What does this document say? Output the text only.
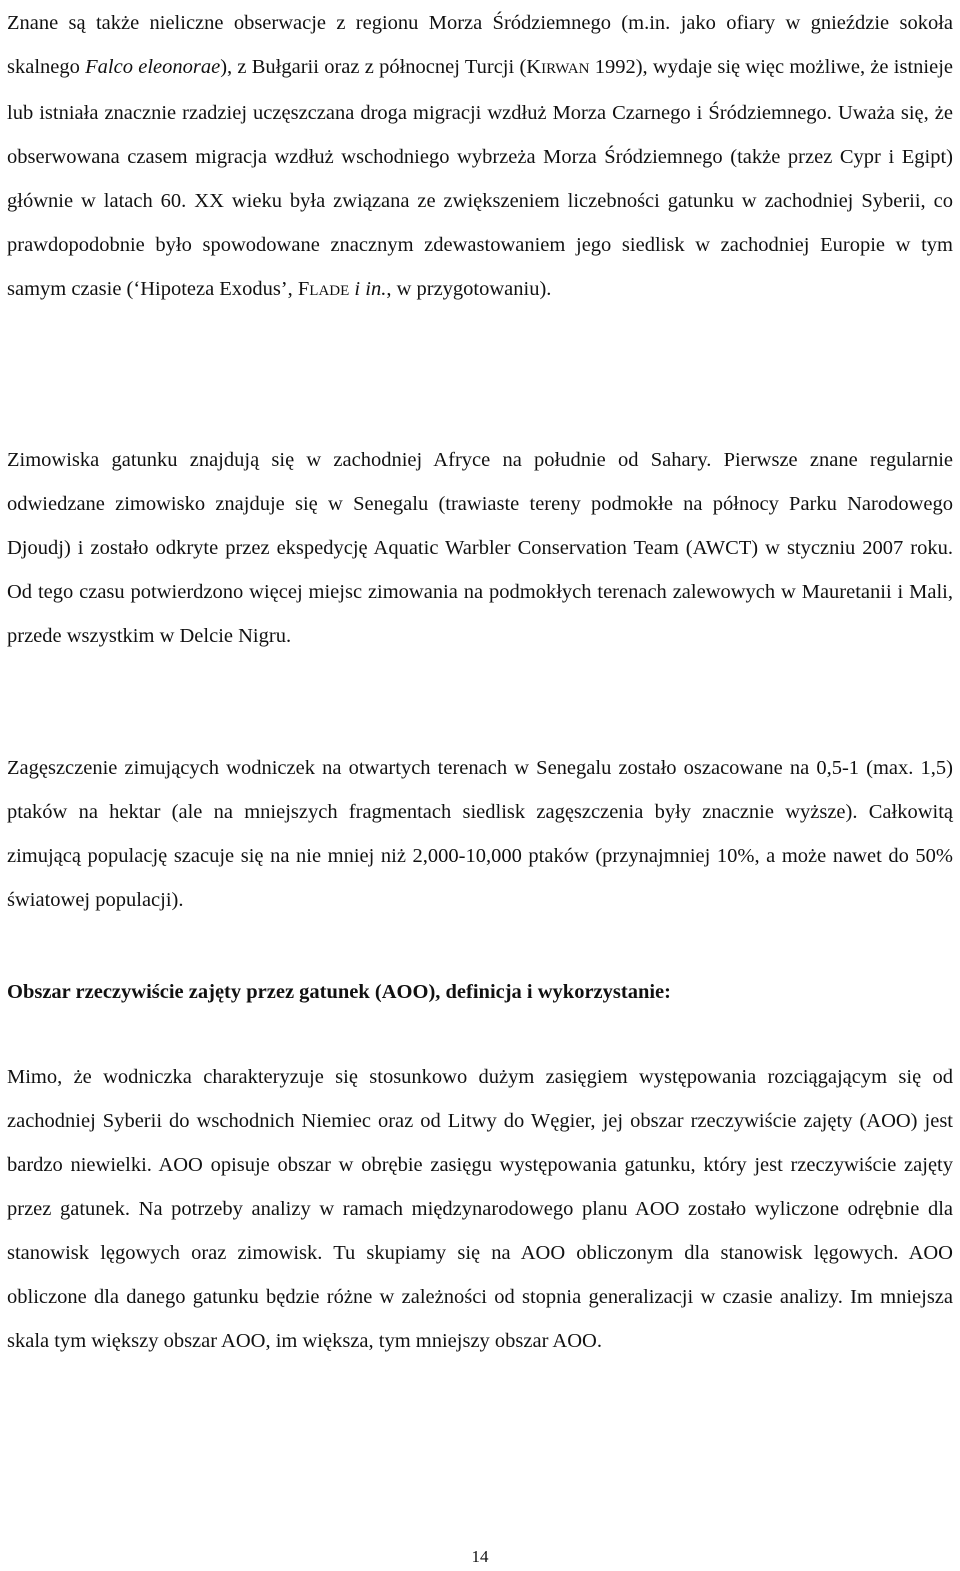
Znane są także nieliczne obserwacje z regionu Morza Śródziemnego (m.in. jako ofiary w gnieździe sokoła skalnego Falco eleonorae), z Bułgarii oraz z północnej Turcji (KIRWAN 1992), wydaje się więc możliwe, że istnieje lub istniała znacznie rzadziej uczęszczana droga migracji wzdłuż Morza Czarnego i Śródziemnego. Uważa się, że obserwowana czasem migracja wzdłuż wschodniego wybrzeża Morza Śródziemnego (także przez Cypr i Egipt) głównie w latach 60. XX wieku była związana ze zwiększeniem liczebności gatunku w zachodniej Syberii, co prawdopodobnie było spowodowane znacznym zdewastowaniem jego siedlisk w zachodniej Europie w tym samym czasie (‘Hipoteza Exodus’, FLADE i in., w przygotowaniu).

Zimowiska gatunku znajdują się w zachodniej Afryce na południe od Sahary. Pierwsze znane regularnie odwiedzane zimowisko znajduje się w Senegalu (trawiaste tereny podmokłe na północy Parku Narodowego Djoudj) i zostało odkryte przez ekspedycję Aquatic Warbler Conservation Team (AWCT) w styczniu 2007 roku. Od tego czasu potwierdzono więcej miejsc zimowania na podmokłych terenach zalewowych w Mauretanii i Mali, przede wszystkim w Delcie Nigru.

Zagęszczenie zimujących wodniczek na otwartych terenach w Senegalu zostało oszacowane na 0,5-1 (max. 1,5) ptaków na hektar (ale na mniejszych fragmentach siedlisk zagęszczenia były znacznie wyższe). Całkowitą zimującą populację szacuje się na nie mniej niż 2,000-10,000 ptaków (przynajmniej 10%, a może nawet do 50% światowej populacji).

Obszar rzeczywiście zajęty przez gatunek (AOO), definicja i wykorzystanie:

Mimo, że wodniczka charakteryzuje się stosunkowo dużym zasięgiem występowania rozciągającym się od zachodniej Syberii do wschodnich Niemiec oraz od Litwy do Węgier, jej obszar rzeczywiście zajęty (AOO) jest bardzo niewielki. AOO opisuje obszar w obrębie zasięgu występowania gatunku, który jest rzeczywiście zajęty przez gatunek. Na potrzeby analizy w ramach międzynarodowego planu AOO zostało wyliczone odrębnie dla stanowisk lęgowych oraz zimowisk. Tu skupiamy się na AOO obliczonym dla stanowisk lęgowych. AOO obliczone dla danego gatunku będzie różne w zależności od stopnia generalizacji w czasie analizy. Im mniejsza skala tym większy obszar AOO, im większa, tym mniejszy obszar AOO.

14
